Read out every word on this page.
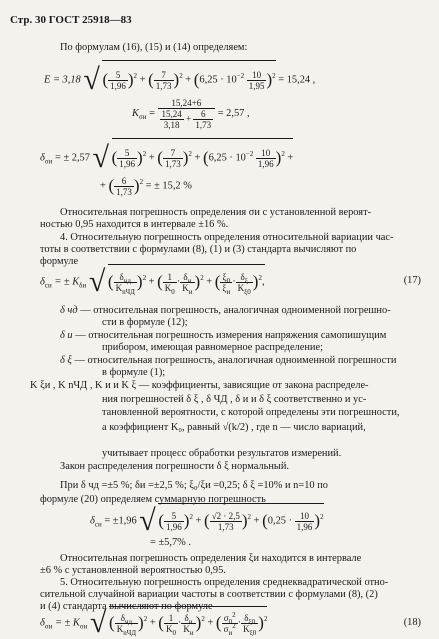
Стр. 30 ГОСТ 25918—83
По формулам (16), (15) и (14) определяем:
E = 3,18 √ ( $\frac{5}{1,96} )^2$ + ( $\frac{7}{1,73} )^2 + (6,25 \cdot 10^{-2} \frac{10}{1,95} )^2 = 15,24$ ,
$K_{\sigma и} = \frac{15,24+6}{\frac{15,24}{3,18} + \frac{6}{1,73}} = 2,57$ ,
$\delta_{\sigma и}$ = ± 2,57 √ ( $\frac{5}{1,96} )^2$ + ( $\frac{7}{1,73} )^2 + (6,25 \cdot 10^{-2} \frac{10}{1,96} )^2$ +
+ ( $\frac{6}{1,73} )^2$ = ± 15,2 %
Относительная погрешность определения σи с установленной вероят-
ностью 0,95 находится в интервале ±16 %.
4. Относительную погрешность определения относительной вариации час-
тоты в соответствии с формулами (8), (1) и (3) стандарта вычисляют по
формуле
$\delta_{cи}$ = ± $K_{\delta и}$ √ ( $\frac{\delta_{чд}}{K_{nЧД}} )^2$ + ( $\frac{1}{K_0} \cdot \frac{\delta_и}{K_и} )^2$ + ( $\frac{\xi_0}{\xi_и} \cdot \frac{\delta_\xi}{K_{\xi 0}} )^2$,	(17)
δ чд — относительная погрешность, аналогичная одноименной погрешно-
сти в формуле (12);
δ и — относительная погрешность измерения напряжения самопишущим
прибором, имеющая равномерное распределение;
δ ξ — относительная погрешность, аналогичная одноименной погрешности
в формуле (1);
K ξи , K nЧД , K и и K ξ — коэффициенты, зависящие от закона распределе-
ния погрешностей δ ξ , δ ЧД , δ и и δ ξ соответственно и ус-
тановленной вероятности, с которой определены эти погрешности,
а коэффициент K₀, равный √(k/2) , где n — число вариаций,
учитывает процесс обработки результатов измерений.
Закон распределения погрешности δ ξ нормальный.
При δ чд =±5 %; δи =±2,5 %; ξ₀/ξи =0,25; δ ξ =10% и n=10 по
формуле (20) определяем суммарную погрешность
$\delta_{cи} = \pm 1,96$ √ ( $\frac{5}{1,96} )^2$ + ( $\frac{√2 \cdot 2,5}{1,73} )^2 + (0,25 \cdot \frac{10}{1,96} )^2$
= ±5,7% .
Относительная погрешность определения ξи находится в интервале
±6 % с установленной вероятностью 0,95.
5. Относительную погрешность определения среднеквадратической отно-
сительной случайной вариации частоты в соответствии с формулами (8), (2)
и (4) стандарта вычисляют по формуле
$\delta_{\sigma и}$ = ± $K_{\sigma и}$ √ ( $\frac{\delta_{чд}}{K_{nЧД}} )^2$ + ( $\frac{1}{K_0} \cdot \frac{\delta_и}{K_и} )^2$ + ( $\frac{\sigma_0^2}{\sigma_и^2} \cdot \frac{\delta_{\xi 0}}{K_{\xi 0}} )^2$	(18)
